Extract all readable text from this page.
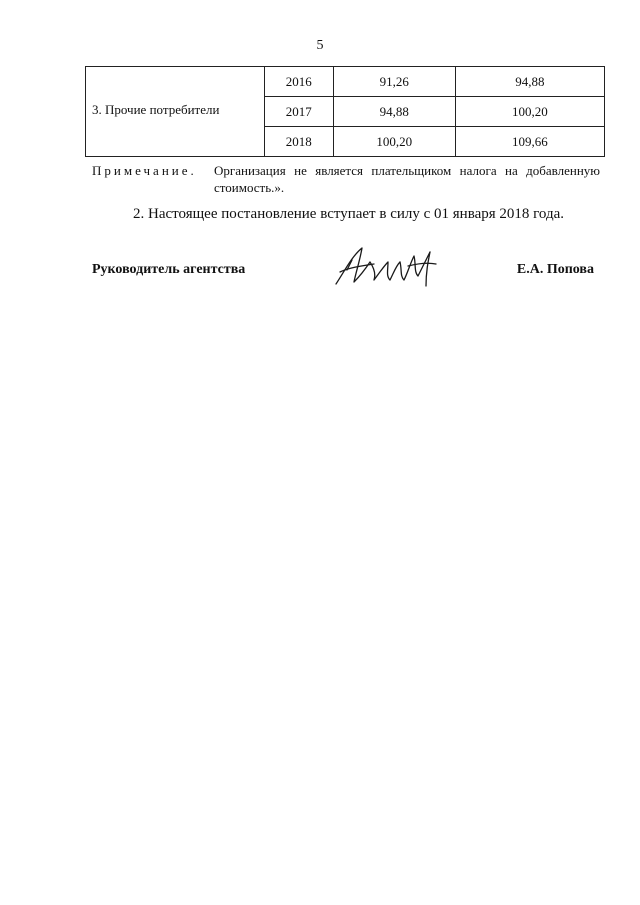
5
3. Прочие потребители	2016	91,26	94,88
	2017	94,88	100,20
	2018	100,20	109,66
Примечание. Организация не является плательщиком налога на добавленную стоимость.».
2. Настоящее постановление вступает в силу с 01 января 2018 года.
Руководитель агентства	Е.А. Попова
